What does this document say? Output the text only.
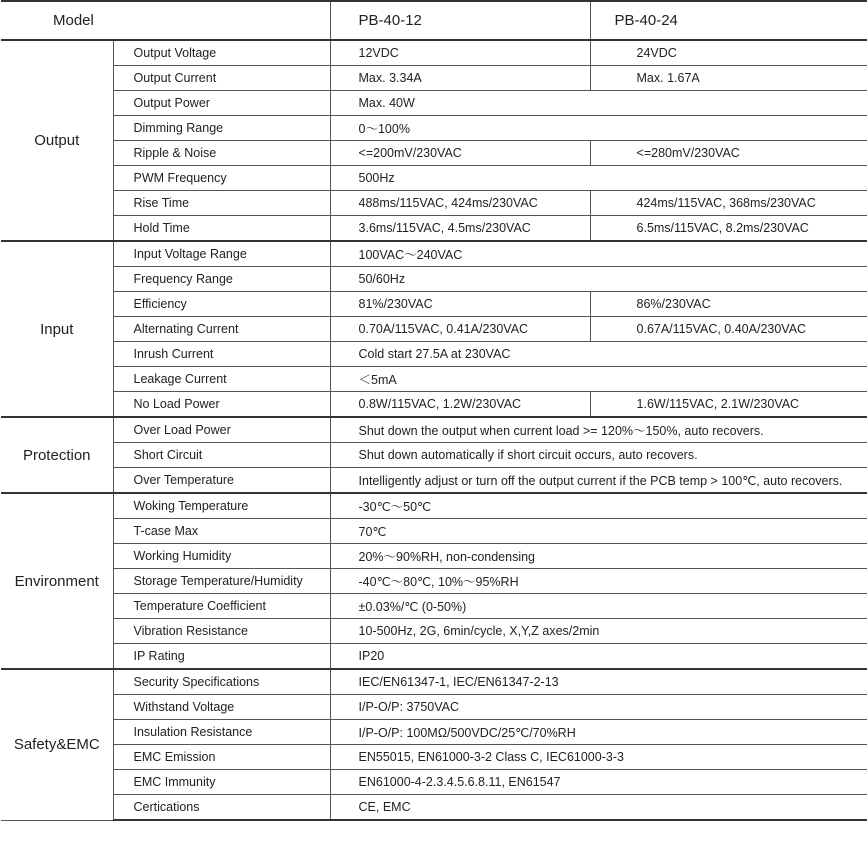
Model		PB-40-12	PB-40-24
Output	Output Voltage	12VDC	24VDC
	Output Current	Max. 3.34A	Max. 1.67A
	Output Power	Max. 40W	
	Dimming Range	0～100%	
	Ripple & Noise	<=200mV/230VAC	<=280mV/230VAC
	PWM Frequency	500Hz	
	Rise Time	488ms/115VAC, 424ms/230VAC	424ms/115VAC, 368ms/230VAC
	Hold Time	3.6ms/115VAC, 4.5ms/230VAC	6.5ms/115VAC, 8.2ms/230VAC
Input	Input Voltage Range	100VAC～240VAC	
	Frequency Range	50/60Hz	
	Efficiency	81%/230VAC	86%/230VAC
	Alternating Current	0.70A/115VAC, 0.41A/230VAC	0.67A/115VAC, 0.40A/230VAC
	Inrush Current	Cold start 27.5A at 230VAC	
	Leakage Current	＜5mA	
	No Load Power	0.8W/115VAC, 1.2W/230VAC	1.6W/115VAC, 2.1W/230VAC
Protection	Over Load Power	Shut down the output when current load >= 120%～150%, auto recovers.	
	Short Circuit	Shut down automatically if short circuit occurs, auto recovers.	
	Over Temperature	Intelligently adjust or turn off the output current if the PCB temp > 100℃, auto recovers.	
Environment	Woking Temperature	-30℃～50℃	
	T-case Max	70℃	
	Working Humidity	20%～90%RH, non-condensing	
	Storage Temperature/Humidity	-40℃～80℃, 10%～95%RH	
	Temperature Coefficient	±0.03%/℃ (0-50%)	
	Vibration Resistance	10-500Hz, 2G, 6min/cycle, X,Y,Z axes/2min	
	IP Rating	IP20	
Safety&EMC	Security Specifications	IEC/EN61347-1, IEC/EN61347-2-13	
	Withstand Voltage	I/P-O/P: 3750VAC	
	Insulation Resistance	I/P-O/P: 100MΩ/500VDC/25℃/70%RH	
	EMC Emission	EN55015, EN61000-3-2 Class C, IEC61000-3-3	
	EMC Immunity	EN61000-4-2.3.4.5.6.8.11, EN61547	
	Certications	CE, EMC	
